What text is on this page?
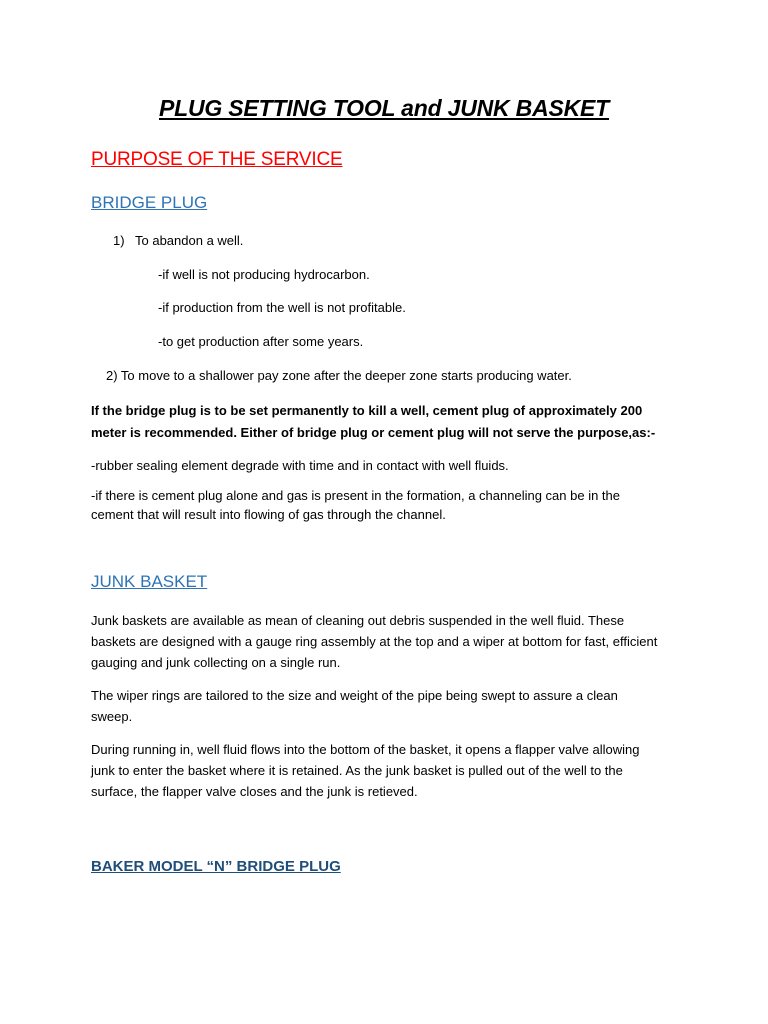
PLUG SETTING TOOL and JUNK BASKET
PURPOSE OF THE SERVICE
BRIDGE PLUG
1) To abandon a well.
-if well is not producing hydrocarbon.
-if production from the well is not profitable.
-to get production after some years.
2) To move to a shallower pay zone after the deeper zone starts producing water.
If the bridge plug is to be set permanently to kill a well, cement plug of approximately 200 meter is recommended. Either of bridge plug or cement plug will not serve the purpose,as:-
-rubber sealing element degrade with time and in contact with well fluids.
-if there is cement plug alone and gas is present in the formation, a channeling can be in the cement that will result into flowing of gas through the channel.
JUNK BASKET
Junk baskets are available as mean of cleaning out debris suspended in the well fluid. These baskets are designed with a gauge ring assembly at the top and a wiper at bottom for fast, efficient gauging and junk collecting on a single run.
The wiper rings are tailored to the size and weight of the pipe being swept to assure a clean sweep.
During running in, well fluid flows into the bottom of the basket, it opens a flapper valve allowing junk to enter the basket where it is retained. As the junk basket is pulled out of the well to the surface, the flapper valve closes and the junk is retieved.
BAKER MODEL “N” BRIDGE PLUG
